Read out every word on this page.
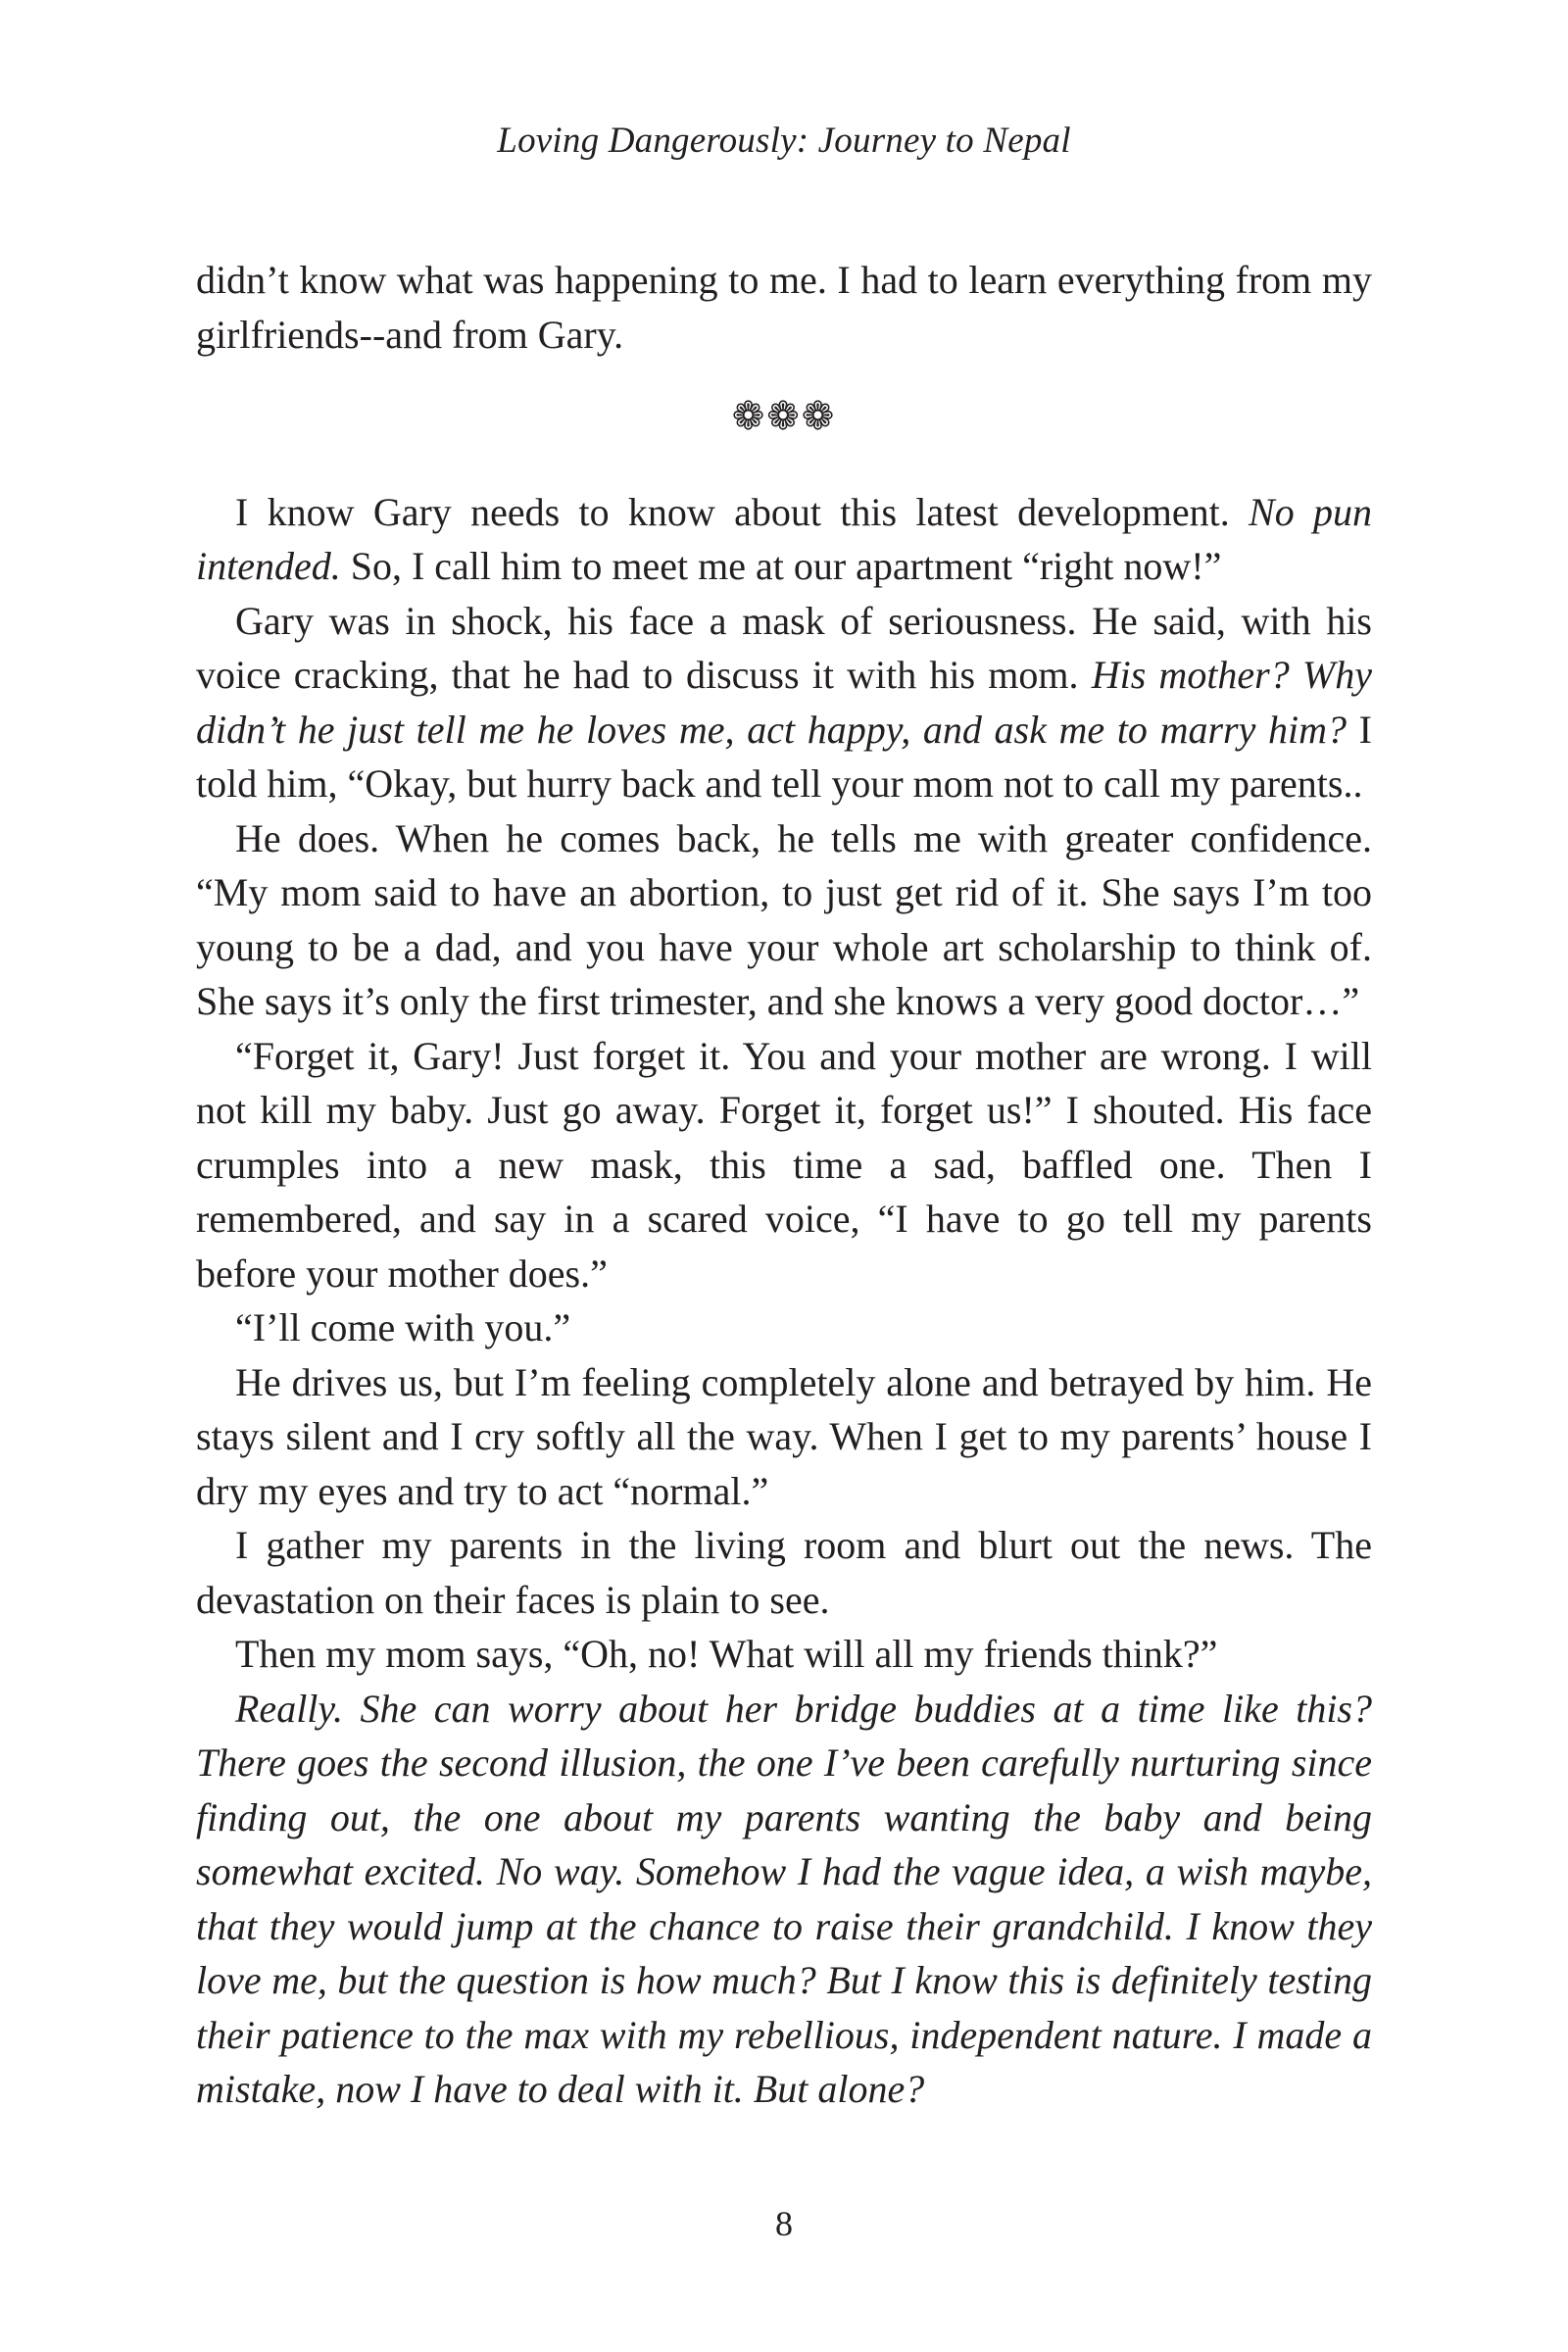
Loving Dangerously: Journey to Nepal

didn’t know what was happening to me. I had to learn everything from my girlfriends--and from Gary.

❁❁❁

I know Gary needs to know about this latest development. No pun intended. So, I call him to meet me at our apartment “right now!”

Gary was in shock, his face a mask of seriousness. He said, with his voice cracking, that he had to discuss it with his mom. His mother? Why didn’t he just tell me he loves me, act happy, and ask me to marry him? I told him, “Okay, but hurry back and tell your mom not to call my parents..

He does. When he comes back, he tells me with greater confidence. “My mom said to have an abortion, to just get rid of it. She says I’m too young to be a dad, and you have your whole art scholarship to think of. She says it’s only the first trimester, and she knows a very good doctor…”

“Forget it, Gary! Just forget it. You and your mother are wrong. I will not kill my baby. Just go away. Forget it, forget us!” I shouted. His face crumples into a new mask, this time a sad, baffled one. Then I remembered, and say in a scared voice, “I have to go tell my parents before your mother does.”

“I’ll come with you.”

He drives us, but I’m feeling completely alone and betrayed by him. He stays silent and I cry softly all the way. When I get to my parents’ house I dry my eyes and try to act “normal.”

I gather my parents in the living room and blurt out the news. The devastation on their faces is plain to see.

Then my mom says, “Oh, no! What will all my friends think?”

Really. She can worry about her bridge buddies at a time like this? There goes the second illusion, the one I’ve been carefully nurturing since finding out, the one about my parents wanting the baby and being somewhat excited. No way. Somehow I had the vague idea, a wish maybe, that they would jump at the chance to raise their grandchild. I know they love me, but the question is how much? But I know this is definitely testing their patience to the max with my rebellious, independent nature. I made a mistake, now I have to deal with it. But alone?

8
